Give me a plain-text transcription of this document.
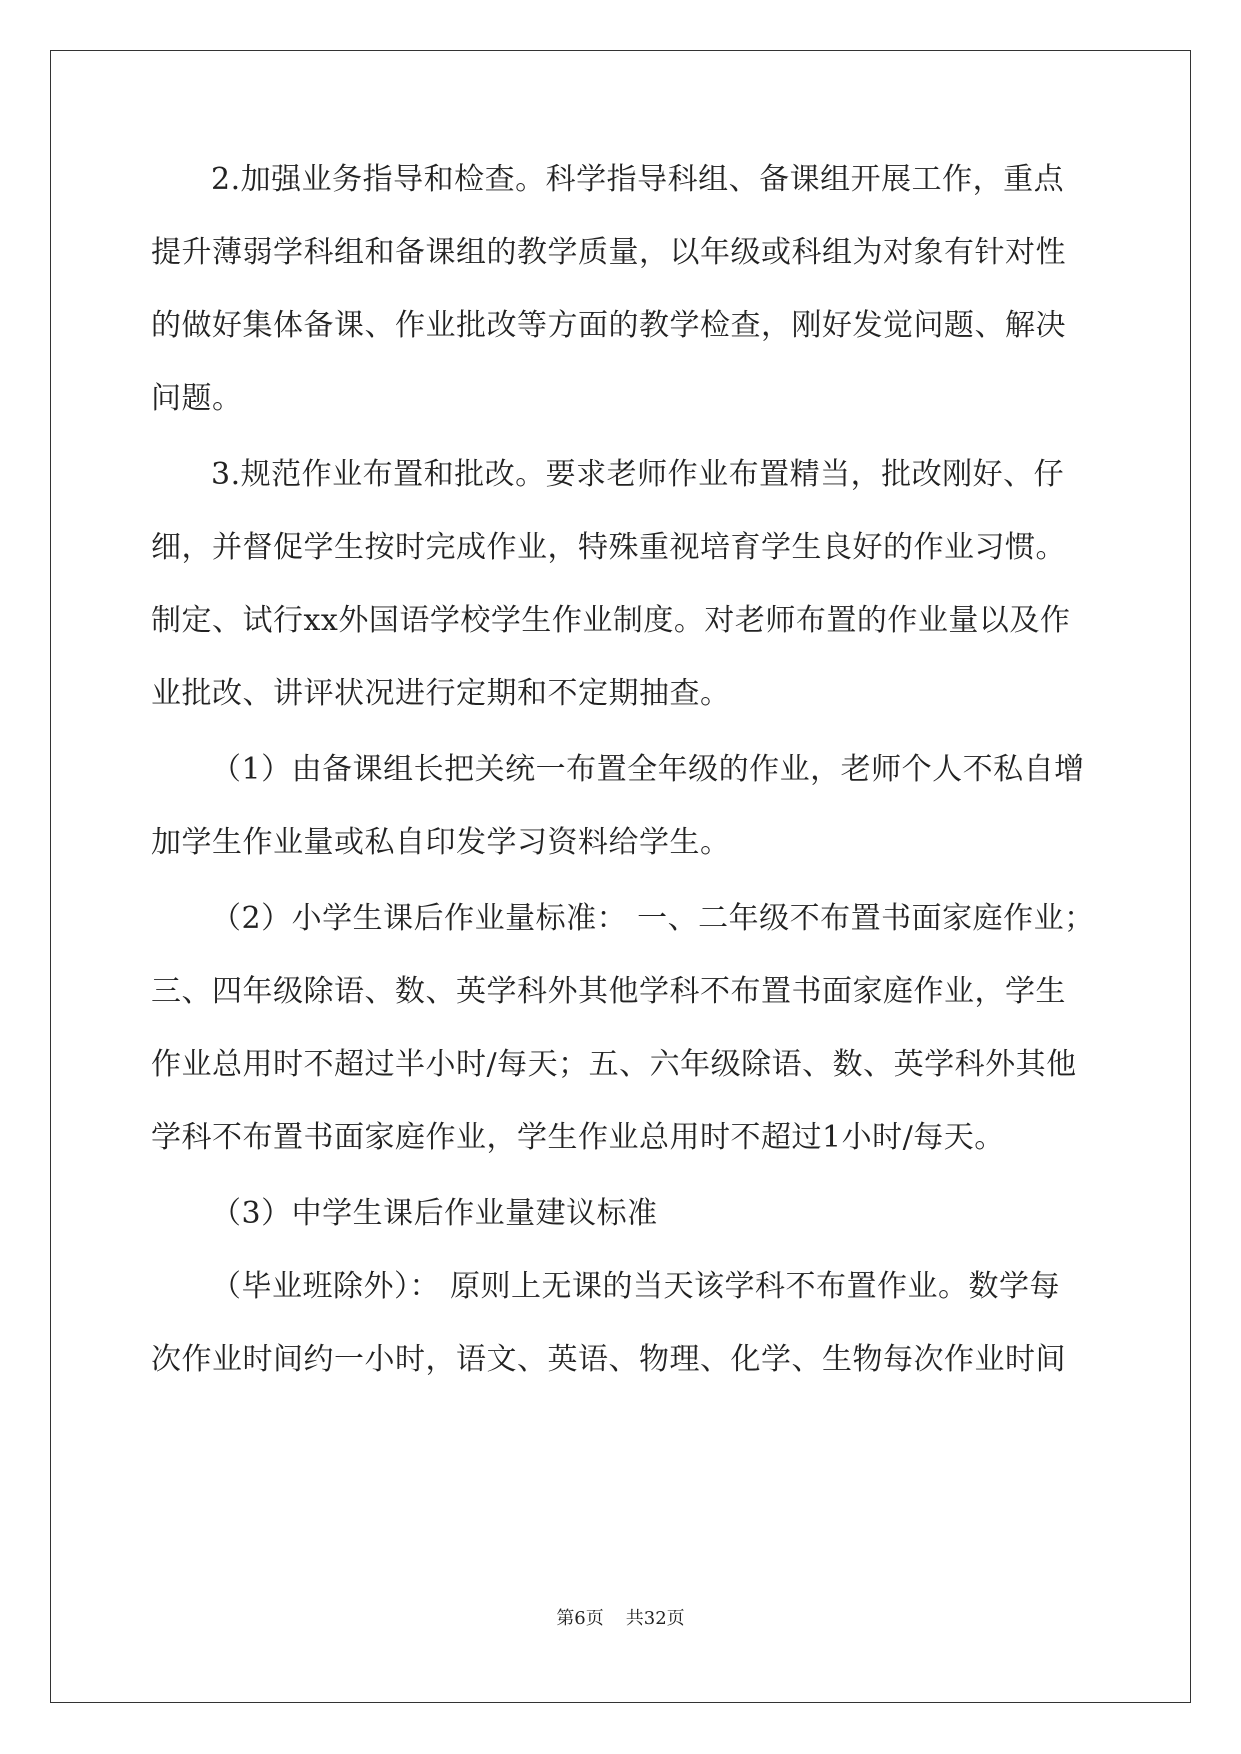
2.加强业务指导和检查。科学指导科组、备课组开展工作，重点
提升薄弱学科组和备课组的教学质量，以年级或科组为对象有针对性
的做好集体备课、作业批改等方面的教学检查，刚好发觉问题、解决
问题。
3.规范作业布置和批改。要求老师作业布置精当，批改刚好、仔
细，并督促学生按时完成作业，特殊重视培育学生良好的作业习惯。
制定、试行xx外国语学校学生作业制度。对老师布置的作业量以及作
业批改、讲评状况进行定期和不定期抽查。
（1）由备课组长把关统一布置全年级的作业，老师个人不私自增
加学生作业量或私自印发学习资料给学生。
（2）小学生课后作业量标准： 一、二年级不布置书面家庭作业；
三、四年级除语、数、英学科外其他学科不布置书面家庭作业，学生
作业总用时不超过半小时/每天；五、六年级除语、数、英学科外其他
学科不布置书面家庭作业，学生作业总用时不超过1小时/每天。
（3）中学生课后作业量建议标准
（毕业班除外）： 原则上无课的当天该学科不布置作业。数学每
次作业时间约一小时，语文、英语、物理、化学、生物每次作业时间
第6页 共32页
